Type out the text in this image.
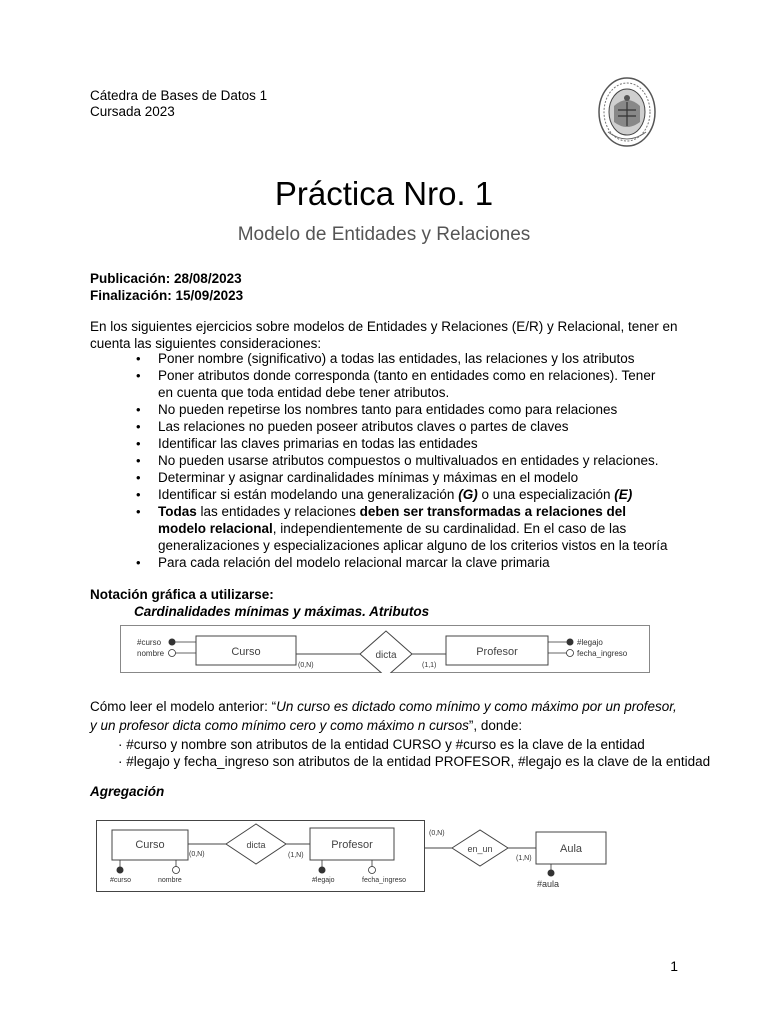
Cátedra de Bases de Datos 1
Cursada 2023
Práctica Nro. 1
Modelo de Entidades y Relaciones
Publicación: 28/08/2023
Finalización: 15/09/2023
En los siguientes ejercicios sobre modelos de Entidades y Relaciones (E/R) y Relacional, tener en cuenta las siguientes consideraciones:
• Poner nombre (significativo) a todas las entidades, las relaciones y los atributos
• Poner atributos donde corresponda (tanto en entidades como en relaciones). Tener en cuenta que toda entidad debe tener atributos.
• No pueden repetirse los nombres tanto para entidades como para relaciones
• Las relaciones no pueden poseer atributos claves o partes de claves
• Identificar las claves primarias en todas las entidades
• No pueden usarse atributos compuestos o multivaluados en entidades y relaciones.
• Determinar y asignar cardinalidades mínimas y máximas en el modelo
• Identificar si están modelando una generalización (G) o una especialización (E)
• Todas las entidades y relaciones deben ser transformadas a relaciones del modelo relacional, independientemente de su cardinalidad. En el caso de las generalizaciones y especializaciones aplicar alguno de los criterios vistos en la teoría
• Para cada relación del modelo relacional marcar la clave primaria
Notación gráfica a utilizarse:
Cardinalidades mínimas y máximas. Atributos
#curso
nombre	Curso
(0,N)
dicta
(1,1)
Profesor
#legajo
fecha_ingreso
Cómo leer el modelo anterior: “Un curso es dictado como mínimo y como máximo por un profesor, y un profesor dicta como mínimo cero y como máximo n cursos”, donde:
· #curso y nombre son atributos de la entidad CURSO y #curso es la clave de la entidad
· #legajo y fecha_ingreso son atributos de la entidad PROFESOR, #legajo es la clave de la entidad
Agregación
Curso
#curso	nombre
(0,N)
dicta
(1,N)
Profesor
#legajo	fecha_ingreso
(0,N)
en_un
(1,N)
Aula
#aula
1
